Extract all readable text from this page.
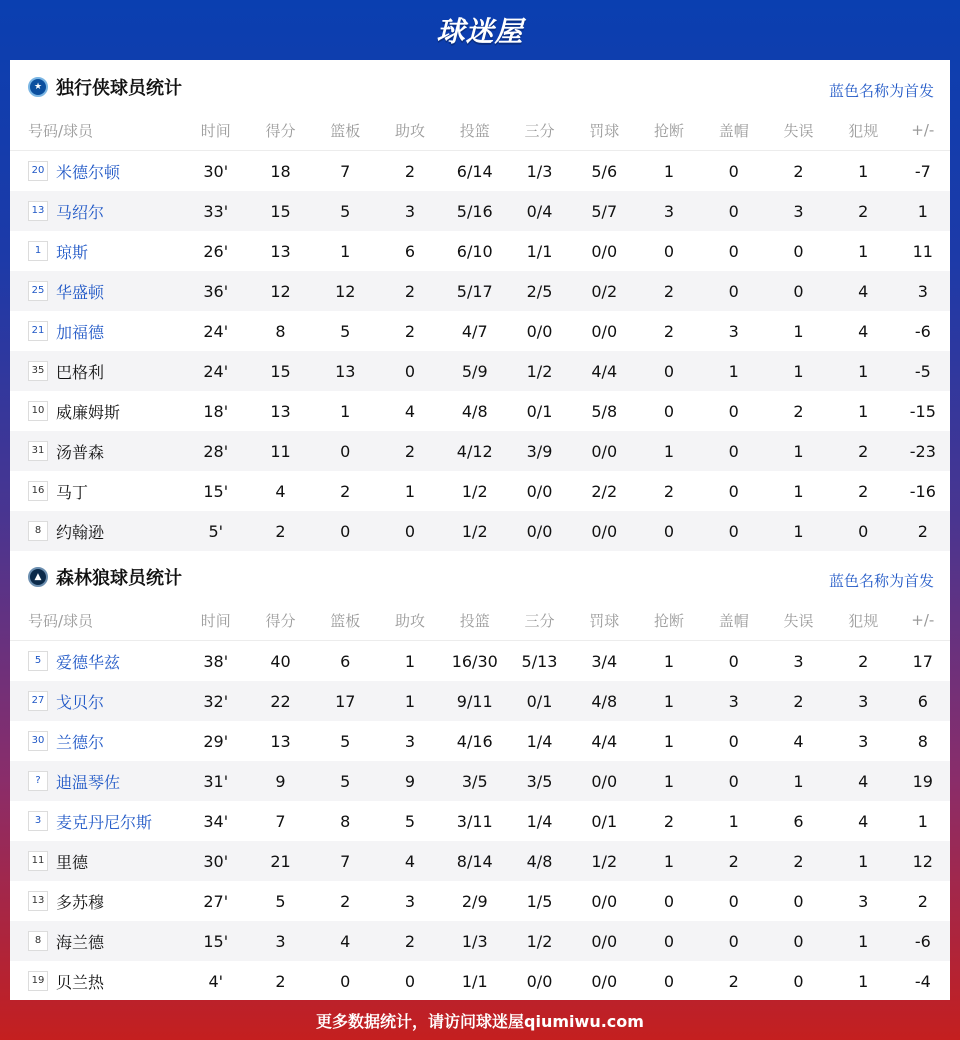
球迷屋
★ 独行侠球员统计	蓝色名称为首发
号码/球员	时间	得分	篮板	助攻	投篮	三分	罚球	抢断	盖帽	失误	犯规	+/-
20 米德尔顿	30'	18	7	2	6/14	1/3	5/6	1	0	2	1	-7
13 马绍尔	33'	15	5	3	5/16	0/4	5/7	3	0	3	2	1
1 琼斯	26'	13	1	6	6/10	1/1	0/0	0	0	0	1	11
25 华盛顿	36'	12	12	2	5/17	2/5	0/2	2	0	0	4	3
21 加福德	24'	8	5	2	4/7	0/0	0/0	2	3	1	4	-6
35 巴格利	24'	15	13	0	5/9	1/2	4/4	0	1	1	1	-5
10 威廉姆斯	18'	13	1	4	4/8	0/1	5/8	0	0	2	1	-15
31 汤普森	28'	11	0	2	4/12	3/9	0/0	1	0	1	2	-23
16 马丁	15'	4	2	1	1/2	0/0	2/2	2	0	1	2	-16
8 约翰逊	5'	2	0	0	1/2	0/0	0/0	0	0	1	0	2
▲ 森林狼球员统计	蓝色名称为首发
号码/球员	时间	得分	篮板	助攻	投篮	三分	罚球	抢断	盖帽	失误	犯规	+/-
5 爱德华兹	38'	40	6	1	16/30	5/13	3/4	1	0	3	2	17
27 戈贝尔	32'	22	17	1	9/11	0/1	4/8	1	3	2	3	6
30 兰德尔	29'	13	5	3	4/16	1/4	4/4	1	0	4	3	8
? 迪温琴佐	31'	9	5	9	3/5	3/5	0/0	1	0	1	4	19
3 麦克丹尼尔斯	34'	7	8	5	3/11	1/4	0/1	2	1	6	4	1
11 里德	30'	21	7	4	8/14	4/8	1/2	1	2	2	1	12
13 多苏穆	27'	5	2	3	2/9	1/5	0/0	0	0	0	3	2
8 海兰德	15'	3	4	2	1/3	1/2	0/0	0	0	0	1	-6
19 贝兰热	4'	2	0	0	1/1	0/0	0/0	0	2	0	1	-4
更多数据统计，请访问球迷屋qiumiwu.com
